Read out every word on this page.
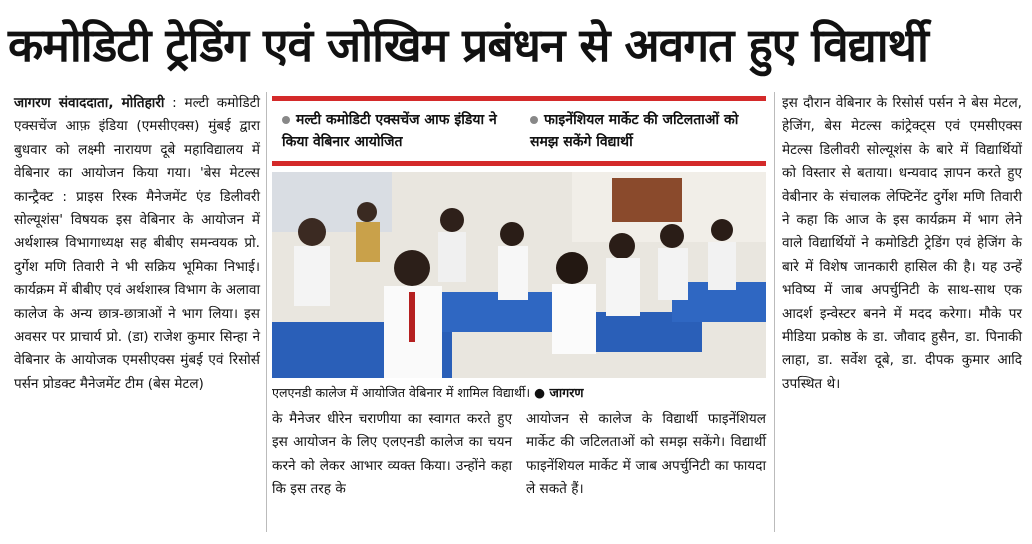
कमोडिटी ट्रेडिंग एवं जोखिम प्रबंधन से अवगत हुए विद्यार्थी
जागरण संवाददाता, मोतिहारी : मल्टी कमोडिटी एक्सचेंज आफ़ इंडिया (एमसीएक्स) मुंबई द्वारा बुधवार को लक्ष्मी नारायण दूबे महाविद्यालय में वेबिनार का आयोजन किया गया। 'बेस मेटल्स कान्ट्रैक्ट : प्राइस रिस्क मैनेजमेंट एंड डिलीवरी सोल्यूशंस' विषयक इस वेबिनार के आयोजन में अर्थशास्त्र विभागाध्यक्ष सह बीबीए समन्वयक प्रो. दुर्गेश मणि तिवारी ने भी सक्रिय भूमिका निभाई। कार्यक्रम में बीबीए एवं अर्थशास्त्र विभाग के अलावा कालेज के अन्य छात्र-छात्राओं ने भाग लिया। इस अवसर पर प्राचार्य प्रो. (डा) राजेश कुमार सिन्हा ने वेबिनार के आयोजक एमसीएक्स मुंबई एवं रिसोर्स पर्सन प्रोडक्ट मैनेजमेंट टीम (बेस मेटल)
मल्टी कमोडिटी एक्सचेंज आफ इंडिया ने किया वेबिनार आयोजित
फाइनेंशियल मार्केट की जटिलताओं को समझ सकेंगे विद्यार्थी
एलएनडी कालेज में आयोजित वेबिनार में शामिल विद्यार्थी। ● जागरण
के मैनेजर धीरेन चराणीया का स्वागत करते हुए इस आयोजन के लिए एलएनडी कालेज का चयन करने को लेकर आभार व्यक्त किया। उन्होंने कहा कि इस तरह के
आयोजन से कालेज के विद्यार्थी फाइनेंशियल मार्केट की जटिलताओं को समझ सकेंगे। विद्यार्थी फाइनेंशियल मार्केट में जाब अपर्चुनिटी का फायदा ले सकते हैं।
इस दौरान वेबिनार के रिसोर्स पर्सन ने बेस मेटल, हेजिंग, बेस मेटल्स कांट्रेक्ट्स एवं एमसीएक्स मेटल्स डिलीवरी सोल्यूशंस के बारे में विद्यार्थियों को विस्तार से बताया। धन्यवाद ज्ञापन करते हुए वेबीनार के संचालक लेफ्टिनेंट दुर्गेश मणि तिवारी ने कहा कि आज के इस कार्यक्रम में भाग लेने वाले विद्यार्थियों ने कमोडिटी ट्रेडिंग एवं हेजिंग के बारे में विशेष जानकारी हासिल की है। यह उन्हें भविष्य में जाब अपर्चुनिटी के साथ-साथ एक आदर्श इन्वेस्टर बनने में मदद करेगा। मौके पर मीडिया प्रकोष्ठ के डा. जौवाद हुसैन, डा. पिनाकी लाहा, डा. सर्वेश दूबे, डा. दीपक कुमार आदि उपस्थित थे।
